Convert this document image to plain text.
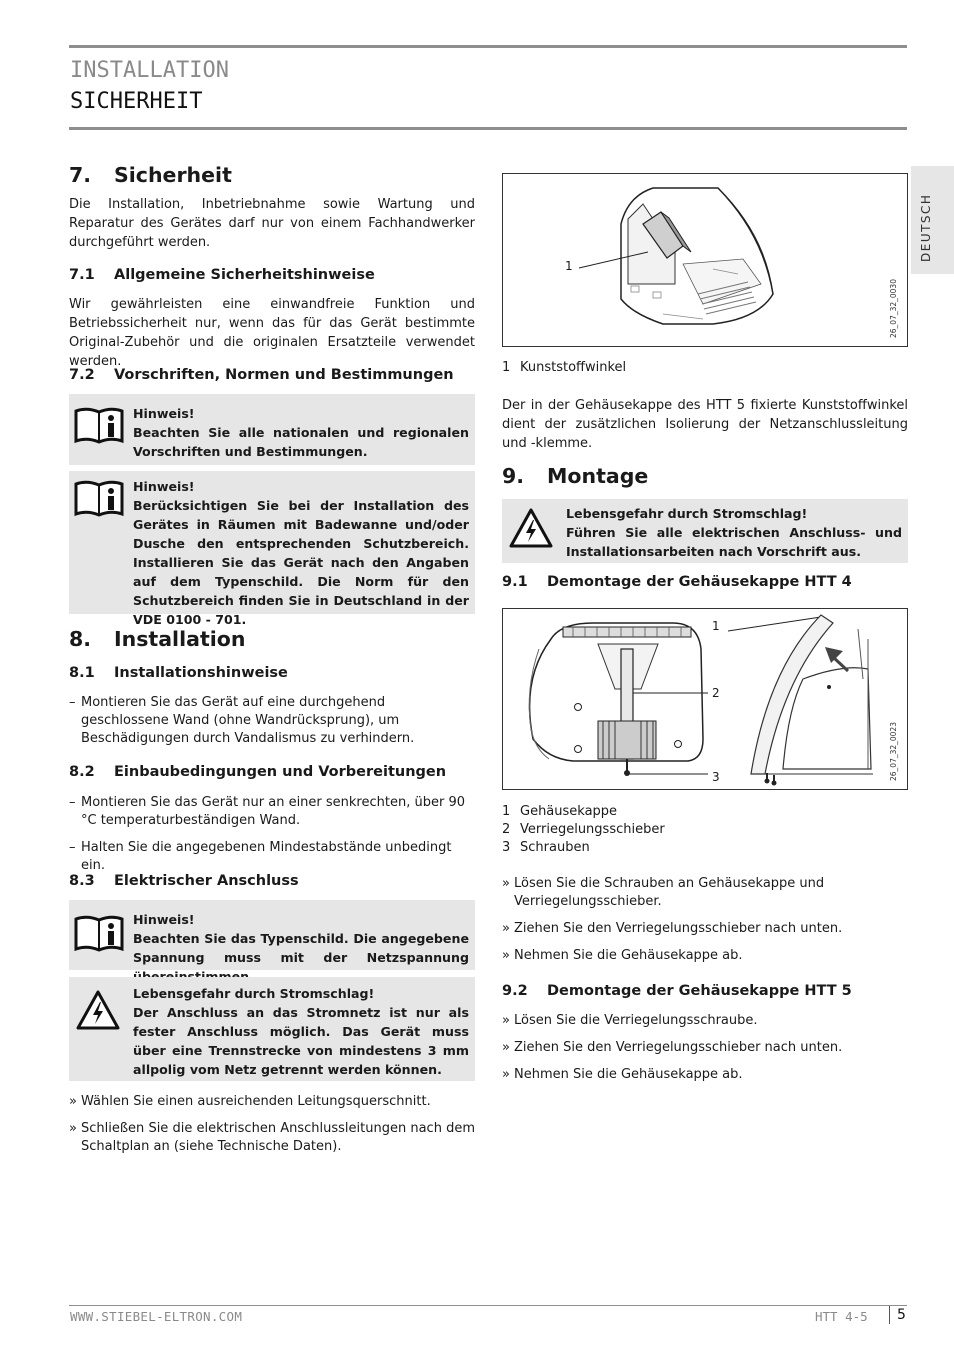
INSTALLATION
SICHERHEIT
DEUTSCH
7. Sicherheit

Die Installation, Inbetriebnahme sowie Wartung und Reparatur des Gerätes darf nur von einem Fachhandwerker durchgeführt werden.

7.1 Allgemeine Sicherheitshinweise

Wir gewährleisten eine einwandfreie Funktion und Betriebssicherheit nur, wenn das für das Gerät bestimmte Original-Zubehör und die originalen Ersatzteile verwendet werden.

7.2 Vorschriften, Normen und Bestimmungen
Hinweis!
Beachten Sie alle nationalen und regionalen Vorschriften und Bestimmungen.
Hinweis!
Berücksichtigen Sie bei der Installation des Gerätes in Räumen mit Badewanne und/oder Dusche den entsprechenden Schutzbereich. Installieren Sie das Gerät nach den Angaben auf dem Typenschild. Die Norm für den Schutzbereich finden Sie in Deutschland in der VDE 0100 - 701.
8. Installation
8.1 Installationshinweise
– Montieren Sie das Gerät auf eine durchgehend geschlossene Wand (ohne Wandrücksprung), um Beschädigungen durch Vandalismus zu verhindern.
8.2 Einbaubedingungen und Vorbereitungen
– Montieren Sie das Gerät nur an einer senkrechten, über 90 °C temperaturbeständigen Wand.
– Halten Sie die angegebenen Mindestabstände unbedingt ein.
8.3 Elektrischer Anschluss
Hinweis!
Beachten Sie das Typenschild. Die angegebene Spannung muss mit der Netzspannung
Lebensgefahr durch Stromschlag!
Der Anschluss an das Stromnetz ist nur als fester Anschluss möglich. Das Gerät muss über eine Trennstrecke von mindestens 3 mm allpolig vom Netz getrennt werden können.
» Wählen Sie einen ausreichenden Leitungsquerschnitt.
» Schließen Sie die elektrischen Anschlussleitungen nach dem Schaltplan an (siehe Technische Daten).
1
26_07_32_0030
1 Kunststoffwinkel

Der in der Gehäusekappe des HTT 5 fixierte Kunststoffwinkel dient der zusätzlichen Isolierung der Netzanschlussleitung und -klemme.

9. Montage
Lebensgefahr durch Stromschlag!
Führen Sie alle elektrischen Anschluss- und Installationsarbeiten nach Vorschrift aus.
9.1 Demontage der Gehäusekappe HTT 4
1
2
3	26_07_32_0023
1 Gehäusekappe
2 Verriegelungsschieber
3 Schrauben
» Lösen Sie die Schrauben an Gehäusekappe und Verriegelungsschieber.
» Ziehen Sie den Verriegelungsschieber nach unten.
» Nehmen Sie die Gehäusekappe ab.
9.2 Demontage der Gehäusekappe HTT 5
» Lösen Sie die Verriegelungsschraube.
» Ziehen Sie den Verriegelungsschieber nach unten.
» Nehmen Sie die Gehäusekappe ab.
WWW.STIEBEL-ELTRON.COM	HTT 4-5 5
